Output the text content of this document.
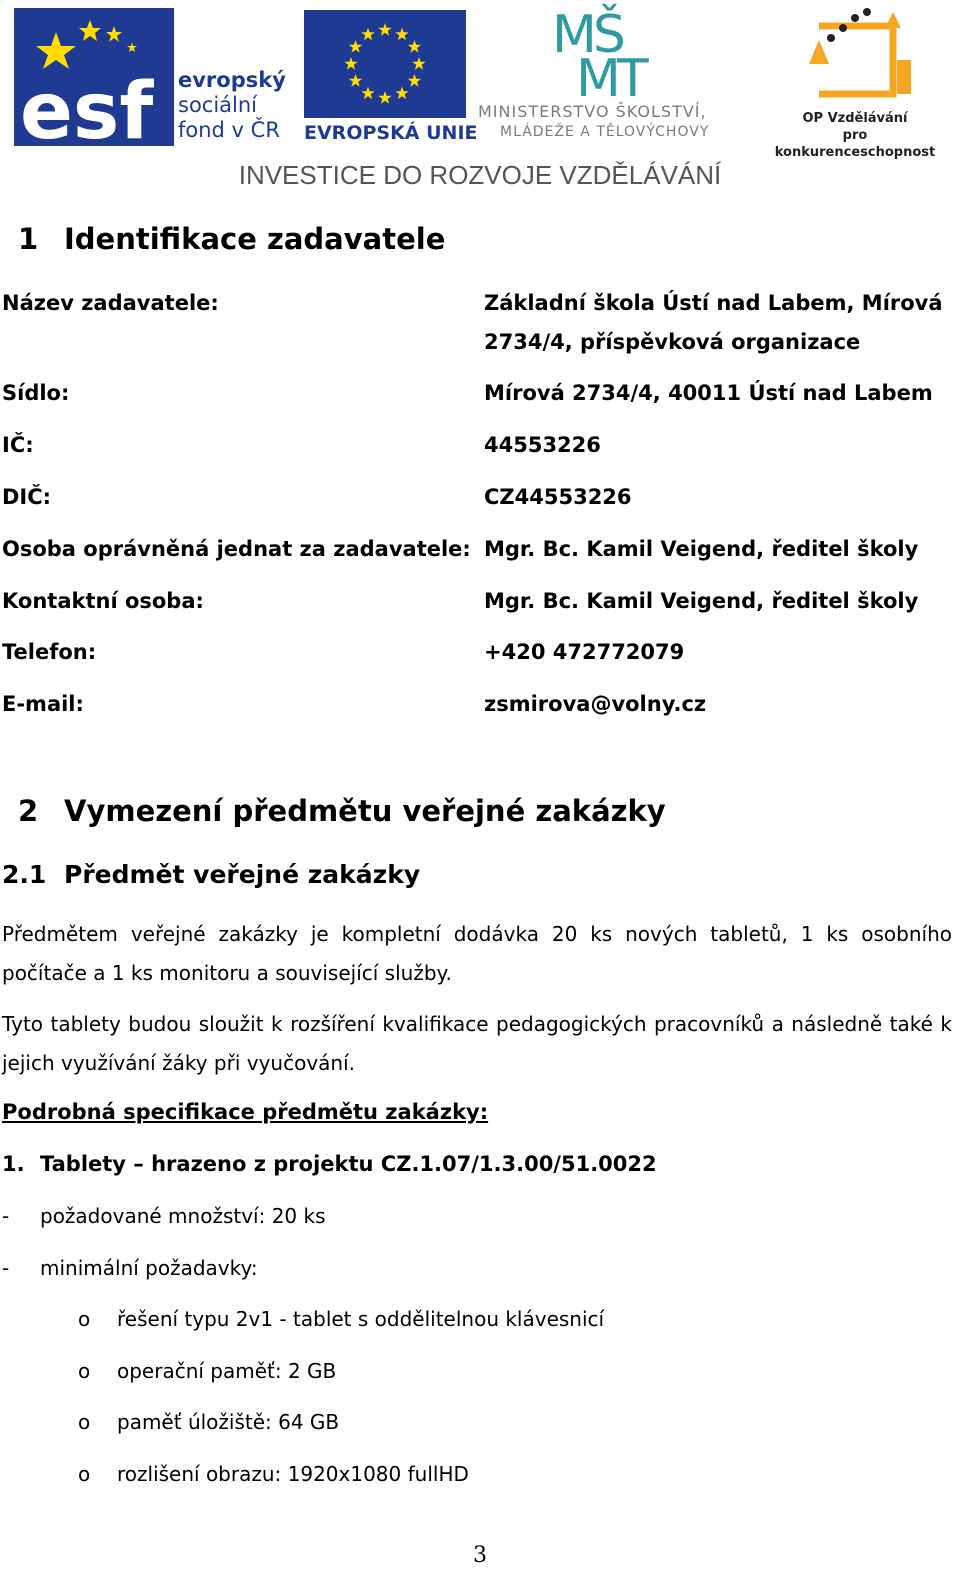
esf evropský
sociální
fond v ČR	EVROPSKÁ UNIE
MŠ
MT
MINISTERSTVO ŠKOLSTVÍ,
MLÁDEŽE A TĚLOVÝCHOVY
2007-13
OP Vzdělávání
pro konkurenceschopnost
INVESTICE DO ROZVOJE VZDĚLÁVÁNÍ
1 Identifikace zadavatele
Název zadavatele:	Základní škola Ústí nad Labem, Mírová 2734/4, příspěvková organizace
Sídlo:	Mírová 2734/4, 40011 Ústí nad Labem
IČ:	44553226
DIČ:	CZ44553226
Osoba oprávněná jednat za zadavatele: Mgr. Bc. Kamil Veigend, ředitel školy
Kontaktní osoba:	Mgr. Bc. Kamil Veigend, ředitel školy
Telefon:	+420 472772079
E-mail:	zsmirova@volny.cz
2 Vymezení předmětu veřejné zakázky
2.1 Předmět veřejné zakázky
Předmětem veřejné zakázky je kompletní dodávka 20 ks nových tabletů, 1 ks osobního počítače a 1 ks monitoru a související služby.
Tyto tablety budou sloužit k rozšíření kvalifikace pedagogických pracovníků a následně také k jejich využívání žáky při vyučování.
Podrobná specifikace předmětu zakázky:
1. Tablety – hrazeno z projektu CZ.1.07/1.3.00/51.0022
- požadované množství: 20 ks
- minimální požadavky:
o řešení typu 2v1 - tablet s oddělitelnou klávesnicí
o operační paměť: 2 GB
o paměť úložiště: 64 GB
o rozlišení obrazu: 1920x1080 fullHD
3
